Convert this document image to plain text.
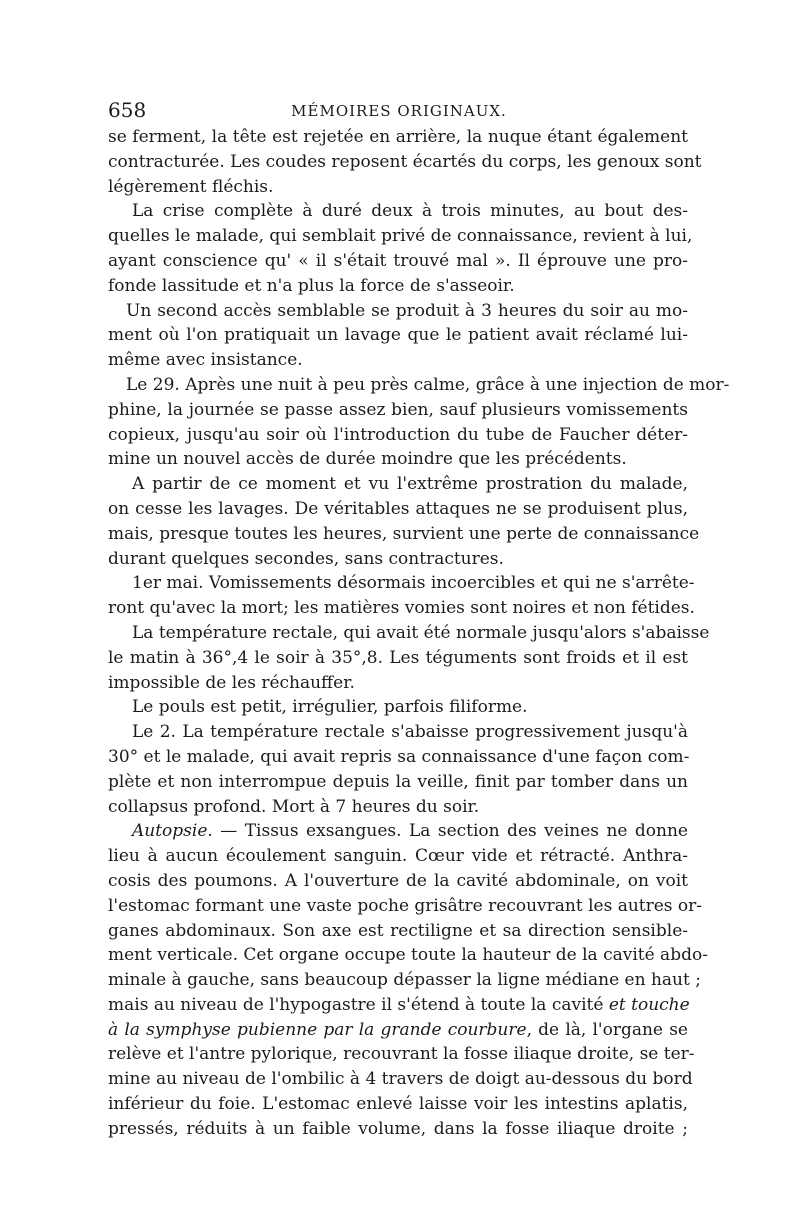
658	MÉMOIRES ORIGINAUX.
se ferment, la tête est rejetée en arrière, la nuque étant également
contracturée. Les coudes reposent écartés du corps, les genoux sont
légèrement fléchis.
La crise complète à duré deux à trois minutes, au bout des-
quelles le malade, qui semblait privé de connaissance, revient à lui,
ayant conscience qu' « il s'était trouvé mal ». Il éprouve une pro-
fonde lassitude et n'a plus la force de s'asseoir.
Un second accès semblable se produit à 3 heures du soir au mo-
ment où l'on pratiquait un lavage que le patient avait réclamé lui-
même avec insistance.
Le 29. Après une nuit à peu près calme, grâce à une injection de mor-
phine, la journée se passe assez bien, sauf plusieurs vomissements
copieux, jusqu'au soir où l'introduction du tube de Faucher déter-
mine un nouvel accès de durée moindre que les précédents.
A partir de ce moment et vu l'extrême prostration du malade,
on cesse les lavages. De véritables attaques ne se produisent plus,
mais, presque toutes les heures, survient une perte de connaissance
durant quelques secondes, sans contractures.
1er mai. Vomissements désormais incoercibles et qui ne s'arrête-
ront qu'avec la mort; les matières vomies sont noires et non fétides.
La température rectale, qui avait été normale jusqu'alors s'abaisse
le matin à 36°,4 le soir à 35°,8. Les téguments sont froids et il est
impossible de les réchauffer.
Le pouls est petit, irrégulier, parfois filiforme.
Le 2. La température rectale s'abaisse progressivement jusqu'à
30° et le malade, qui avait repris sa connaissance d'une façon com-
plète et non interrompue depuis la veille, finit par tomber dans un
collapsus profond. Mort à 7 heures du soir.
Autopsie. — Tissus exsangues. La section des veines ne donne
lieu à aucun écoulement sanguin. Cœur vide et rétracté. Anthra-
cosis des poumons. A l'ouverture de la cavité abdominale, on voit
l'estomac formant une vaste poche grisâtre recouvrant les autres or-
ganes abdominaux. Son axe est rectiligne et sa direction sensible-
ment verticale. Cet organe occupe toute la hauteur de la cavité abdo-
minale à gauche, sans beaucoup dépasser la ligne médiane en haut ;
mais au niveau de l'hypogastre il s'étend à toute la cavité et touche
à la symphyse pubienne par la grande courbure, de là, l'organe se
relève et l'antre pylorique, recouvrant la fosse iliaque droite, se ter-
mine au niveau de l'ombilic à 4 travers de doigt au-dessous du bord
inférieur du foie. L'estomac enlevé laisse voir les intestins aplatis,
pressés, réduits à un faible volume, dans la fosse iliaque droite ;
